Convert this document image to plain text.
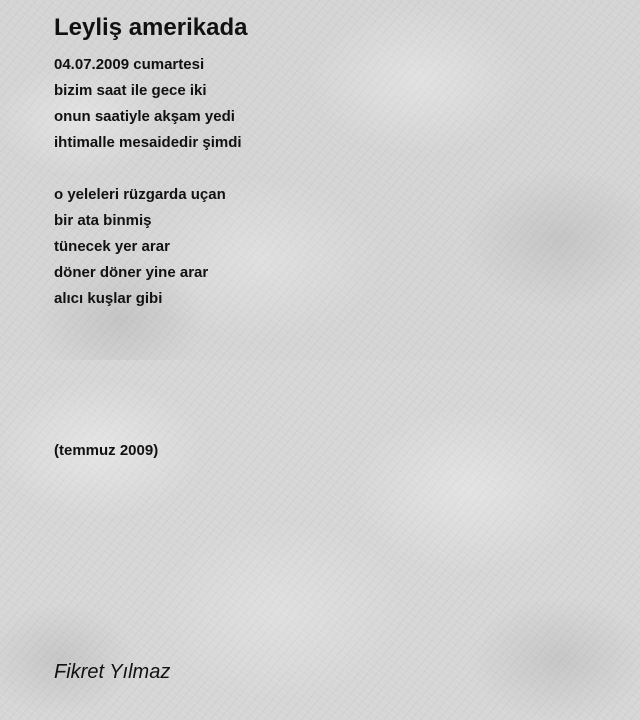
Leyliş amerikada
04.07.2009 cumartesi
bizim saat ile gece iki
onun saatiyle akşam yedi
ihtimalle mesaidedir şimdi
o yeleleri rüzgarda uçan
bir ata binmiş
tünecek yer arar
döner döner yine arar
alıcı kuşlar gibi
(temmuz 2009)
Fikret Yılmaz
